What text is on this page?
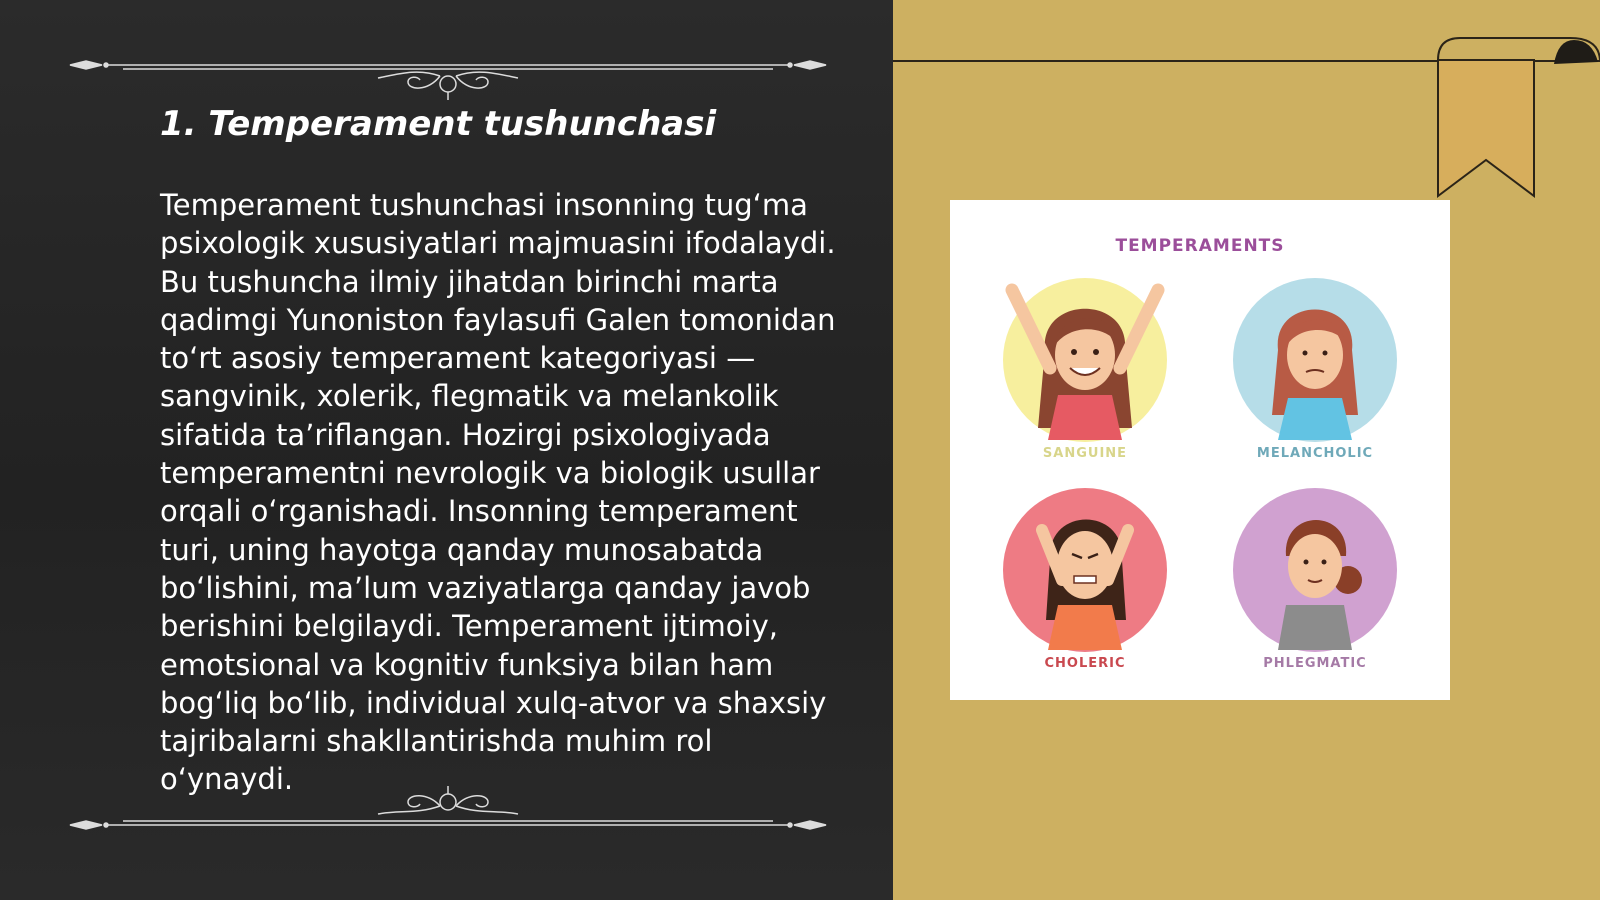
1. Temperament tushunchasi

Temperament tushunchasi insonning tug‘ma psixologik xususiyatlari majmuasini ifodalaydi. Bu tushuncha ilmiy jihatdan birinchi marta qadimgi Yunoniston faylasufi Galen tomonidan to‘rt asosiy temperament kategoriyasi — sangvinik, xolerik, flegmatik va melankolik sifatida ta’riflangan. Hozirgi psixologiyada temperamentni nevrologik va biologik usullar orqali o‘rganishadi. Insonning temperament turi, uning hayotga qanday munosabatda bo‘lishini, ma’lum vaziyatlarga qanday javob berishini belgilaydi. Temperament ijtimoiy, emotsional va kognitiv funksiya bilan ham bog‘liq bo‘lib, individual xulq-atvor va shaxsiy tajribalarni shakllantirishda muhim rol o‘ynaydi.

TEMPERAMENTS
SANGUINE	MELANCHOLIC
CHOLERIC	PHLEGMATIC
